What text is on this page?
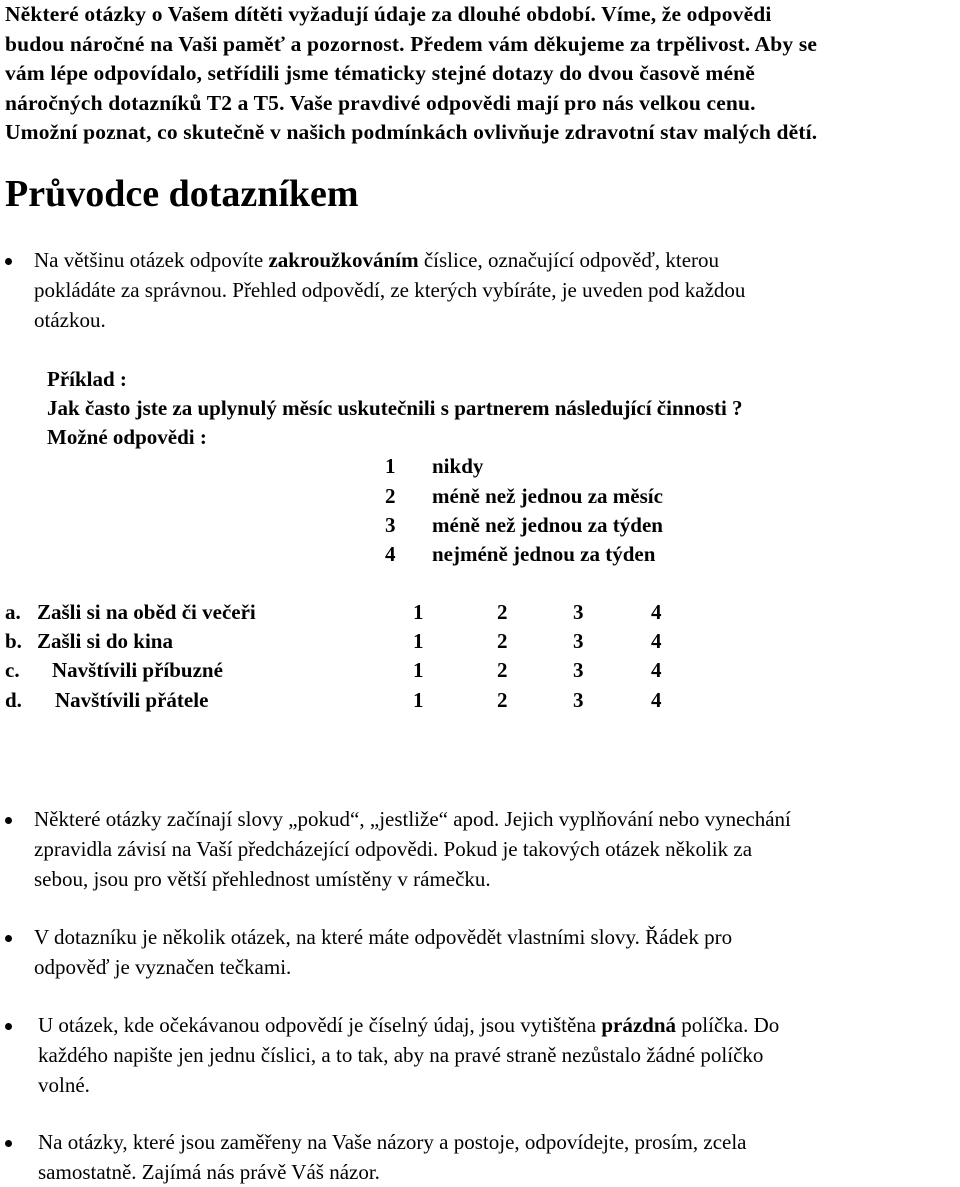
Některé otázky o Vašem dítěti vyžadují údaje za dlouhé období. Víme, že odpovědi
budou náročné na Vaši paměť a pozornost. Předem vám děkujeme za trpělivost. Aby se
vám lépe odpovídalo, setřídili jsme tématicky stejné dotazy do dvou časově méně
náročných dotazníků T2 a T5. Vaše pravdivé odpovědi mají pro nás velkou cenu.
Umožní poznat, co skutečně v našich podmínkách ovlivňuje zdravotní stav malých dětí.
Průvodce dotazníkem
Na většinu otázek odpovíte zakroužkováním číslice, označující odpověď, kterou
pokládáte za správnou. Přehled odpovědí, ze kterých vybíráte, je uveden pod každou
otázkou.
Příklad :
Jak často jste za uplynulý měsíc uskutečnili s partnerem následující činnosti ?
Možné odpovědi :
1 nikdy
2 méně než jednou za měsíc
3 méně než jednou za týden
4 nejméně jednou za týden
a. Zašli si na oběd či večeři	1	2	3	4
b. Zašli si do kina	1	2	3	4
c. Navštívili příbuzné	1	2	3	4
d. Navštívili přátele	1	2	3	4
Některé otázky začínají slovy „pokud“, „jestliže“ apod. Jejich vyplňování nebo vynechání
zpravidla závisí na Vaší předcházející odpovědi. Pokud je takových otázek několik za
sebou, jsou pro větší přehlednost umístěny v rámečku.
V dotazníku je několik otázek, na které máte odpovědět vlastními slovy. Řádek pro
odpověď je vyznačen tečkami.
U otázek, kde očekávanou odpovědí je číselný údaj, jsou vytištěna prázdná políčka. Do
každého napište jen jednu číslici, a to tak, aby na pravé straně nezůstalo žádné políčko
volné.
Na otázky, které jsou zaměřeny na Vaše názory a postoje, odpovídejte, prosím, zcela
samostatně. Zajímá nás právě Váš názor.
